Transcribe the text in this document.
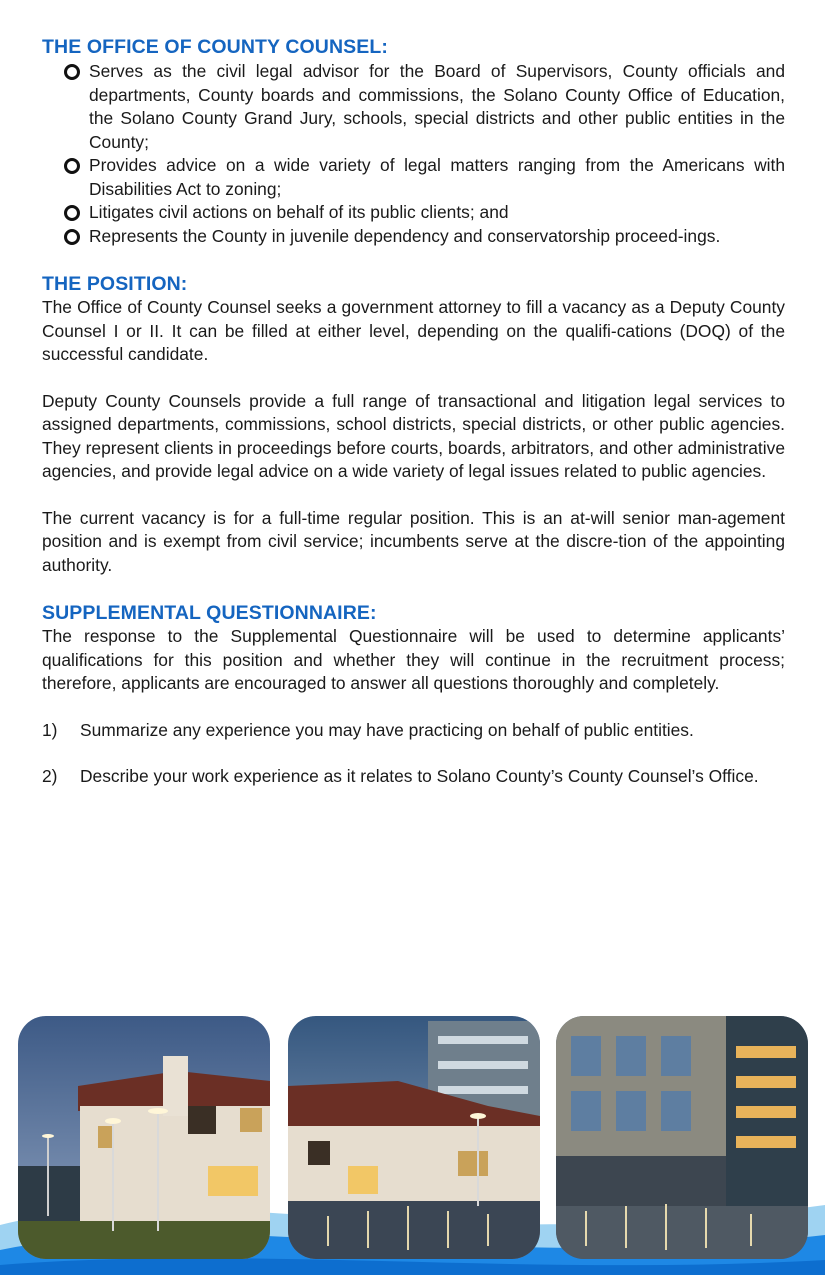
THE OFFICE OF COUNTY COUNSEL:
Serves as the civil legal advisor for the Board of Supervisors, County officials and departments, County boards and commissions, the Solano County Office of Education, the Solano County Grand Jury, schools, special districts and other public entities in the County;
Provides advice on a wide variety of legal matters ranging from the Americans with Disabilities Act to zoning;
Litigates civil actions on behalf of its public clients; and
Represents the County in juvenile dependency and conservatorship proceed-ings.
THE POSITION:

The Office of County Counsel seeks a government attorney to fill a vacancy as a Deputy County Counsel I or II. It can be filled at either level, depending on the qualifi-cations (DOQ) of the successful candidate.

Deputy County Counsels provide a full range of transactional and litigation legal services to assigned departments, commissions, school districts, special districts, or other public agencies. They represent clients in proceedings before courts, boards, arbitrators, and other administrative agencies, and provide legal advice on a wide variety of legal issues related to public agencies.

The current vacancy is for a full-time regular position. This is an at-will senior man-agement position and is exempt from civil service; incumbents serve at the discre-tion of the appointing authority.

SUPPLEMENTAL QUESTIONNAIRE:

The response to the Supplemental Questionnaire will be used to determine applicants’ qualifications for this position and whether they will continue in the recruitment process; therefore, applicants are encouraged to answer all questions thoroughly and completely.

1) Summarize any experience you may have practicing on behalf of public entities.
2) Describe your work experience as it relates to Solano County’s County Counsel’s Office.
